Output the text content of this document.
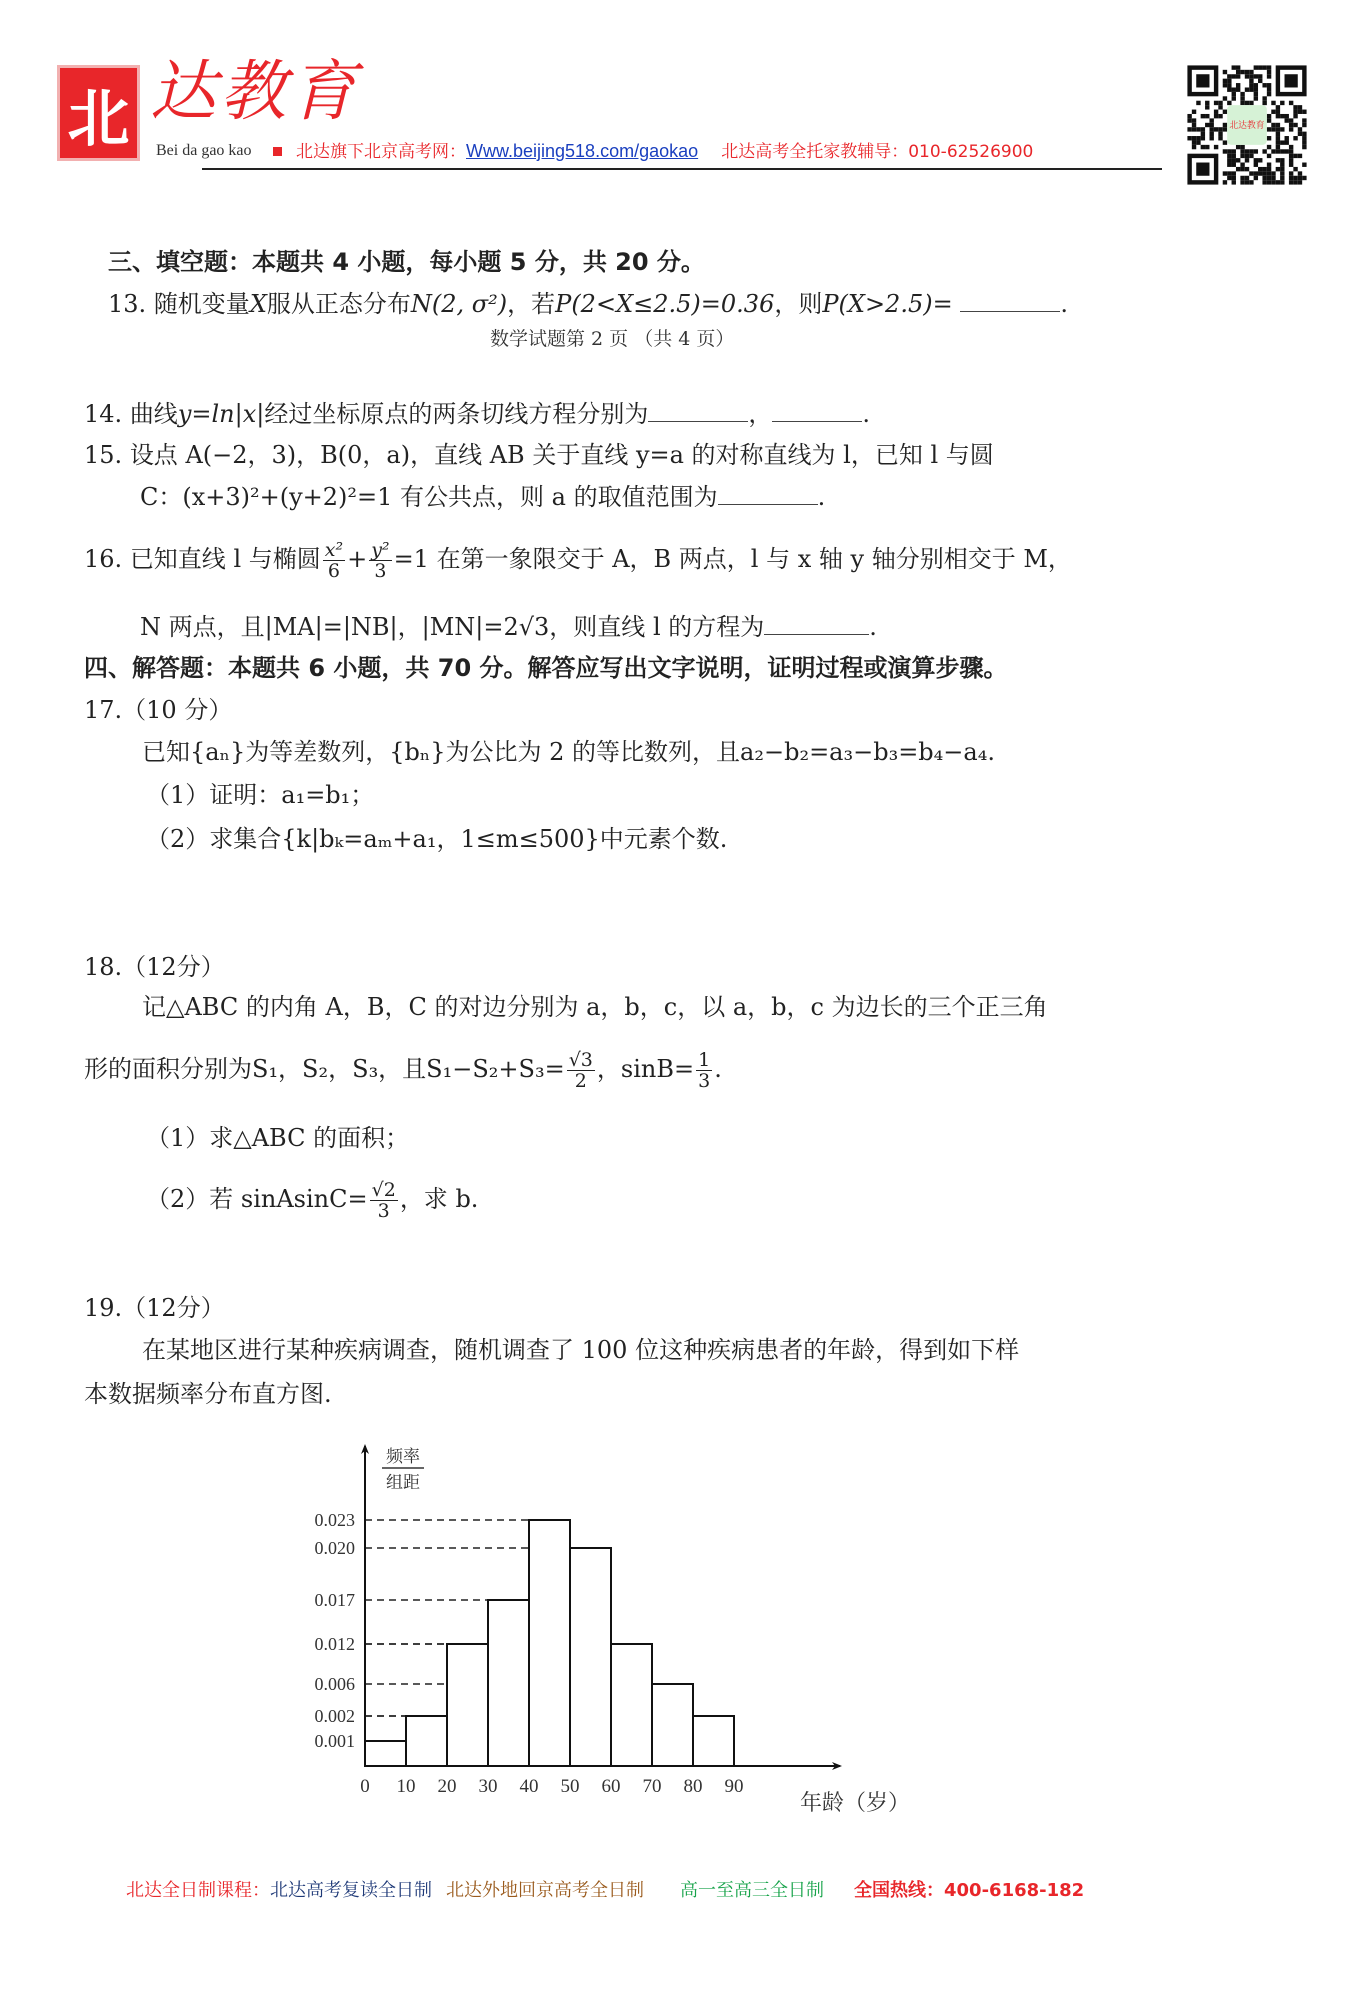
北 达教育
Bei da gao kao	北达旗下北京高考网：Www.beijing518.com/gaokao 北达高考全托家教辅导：010-62526900
北达教育
三、填空题：本题共 4 小题，每小题 5 分，共 20 分。
13. 随机变量X服从正态分布N(2, σ²)，若P(2<X≤2.5)=0.36，则P(X>2.5)=	.
数学试题第 2 页 （共 4 页）
14. 曲线y=ln|x|经过坐标原点的两条切线方程分别为	，	.
15. 设点 A(−2，3)，B(0，a)，直线 AB 关于直线 y=a 的对称直线为 l，已知 l 与圆
C：(x+3)²+(y+2)²=1 有公共点，则 a 的取值范围为	.
16. 已知直线 l 与椭圆 $\frac{\text{x²}}{6} + \frac{\text{y²}}{3} =1$ 在第一象限交于 A，B 两点，l 与 x 轴 y 轴分别相交于 M，
N 两点，且|MA|=|NB|，|MN|=2√3，则直线 l 的方程为	.
四、解答题：本题共 6 小题，共 70 分。解答应写出文字说明，证明过程或演算步骤。
17.（10 分）
已知{aₙ}为等差数列，{bₙ}为公比为 2 的等比数列，且a₂−b₂=a₃−b₃=b₄−a₄.
（1）证明：a₁=b₁；
（2）求集合{k|bₖ=aₘ+a₁，1≤m≤500}中元素个数.
18.（12分）
记△ABC 的内角 A，B，C 的对边分别为 a，b，c，以 a，b，c 为边长的三个正三角
形的面积分别为S₁，S₂，S₃，且$S_1-S_2+S_3= \frac{√3}{2}$ ，$\sin B= \frac{1}{3}$ .
（1）求△ABC 的面积；
（2）若 sinAsinC= $\frac{√2}{3}$ ，求 b.
19.（12分）
在某地区进行某种疾病调查，随机调查了 100 位这种疾病患者的年龄，得到如下样
本数据频率分布直方图.
0.001
0.002
0.006
0.012
0.017
0.020
0.023
0 10 20 30 40 50 60 70 80 90
频率
组距
年龄（岁）
北达全日制课程：北达高考复读全日制 北达外地回京高考全日制 高一至高三全日制 全国热线：400-6168-182
